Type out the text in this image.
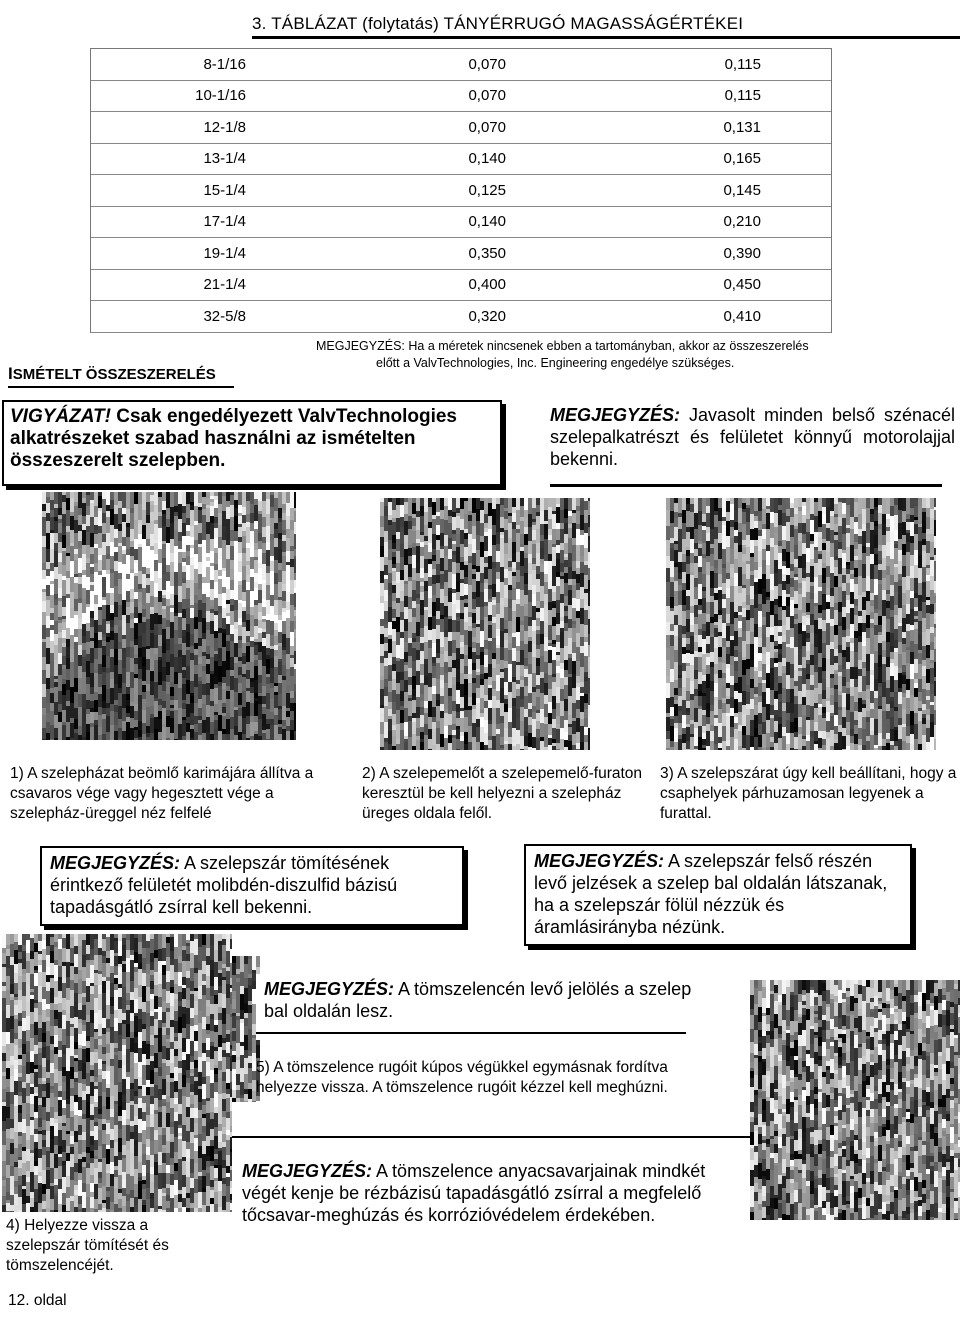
3. TÁBLÁZAT (folytatás) TÁNYÉRRUGÓ MAGASSÁGÉRTÉKEI
8-1/16	0,070	0,115
10-1/16	0,070	0,115
12-1/8	0,070	0,131
13-1/4	0,140	0,165
15-1/4	0,125	0,145
17-1/4	0,140	0,210
19-1/4	0,350	0,390
21-1/4	0,400	0,450
32-5/8	0,320	0,410
ISMÉTELT ÖSSZESZERELÉS
MEGJEGYZÉS: Ha a méretek nincsenek ebben a tartományban, akkor az összeszerelés
előtt a ValvTechnologies, Inc. Engineering engedélye szükséges.
VIGYÁZAT! Csak engedélyezett ValvTechnologies alkatrészeket szabad használni az ismételten összeszerelt szelepben.
MEGJEGYZÉS: Javasolt minden belső szénacél szelepalkatrészt és felületet könnyű motorolajjal bekenni.
1) A szelepházat beömlő karimájára állítva a csavaros vége vagy hegesztett vége a szelepház-üreggel néz felfelé
2) A szelepemelőt a szelepemelő-furaton keresztül be kell helyezni a szelepház üreges oldala felől.
3) A szelepszárat úgy kell beállítani, hogy a csaphelyek párhuzamosan legyenek a furattal.
MEGJEGYZÉS: A szelepszár tömítésének érintkező felületét molibdén-diszulfid bázisú tapadásgátló zsírral kell bekenni.
MEGJEGYZÉS: A szelepszár felső részén levő jelzések a szelep bal oldalán látszanak, ha a szelepszár fölül nézzük és áramlásirányba nézünk.
MEGJEGYZÉS: A tömszelencén levő jelölés a szelep bal oldalán lesz.
5) A tömszelence rugóit kúpos végükkel egymásnak fordítva helyezze vissza. A tömszelence rugóit kézzel kell meghúzni.
MEGJEGYZÉS: A tömszelence anyacsavarjainak mindkét végét kenje be rézbázisú tapadásgátló zsírral a megfelelő tőcsavar-meghúzás és korrózióvédelem érdekében.
4) Helyezze vissza a szelepszár tömítését és tömszelencéjét.
12. oldal
